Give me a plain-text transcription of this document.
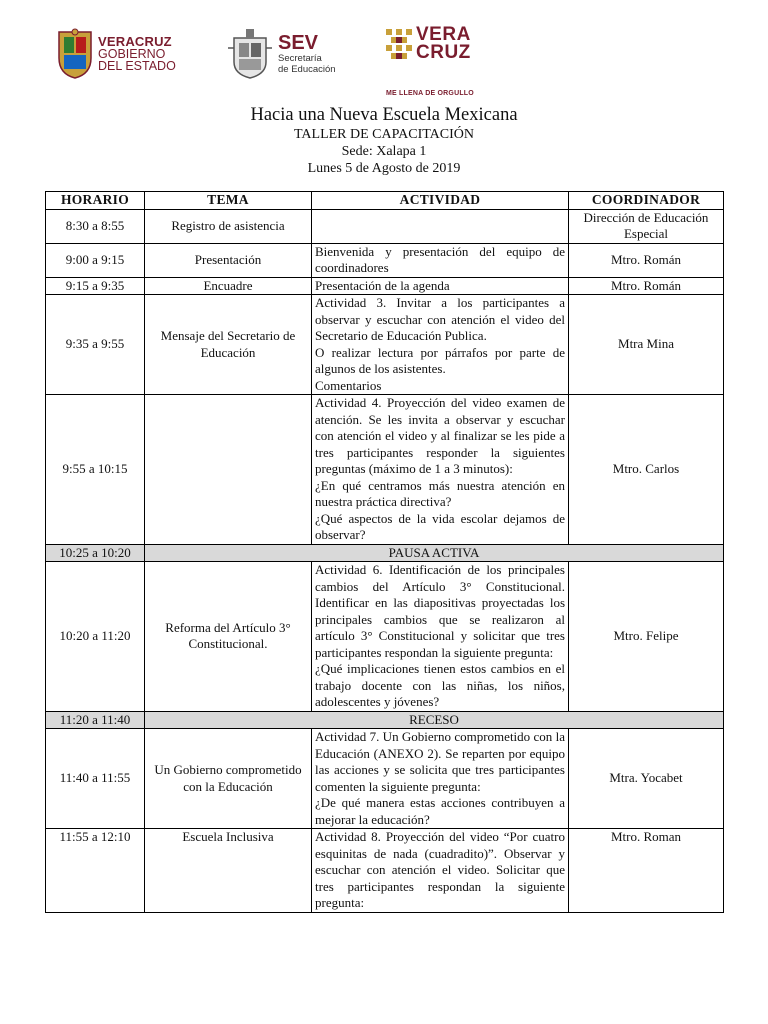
VERACRUZ
GOBIERNO
DEL ESTADO
SEV
Secretaría
de Educación
VERA
CRUZ
ME LLENA DE ORGULLO
Hacia una Nueva Escuela Mexicana
TALLER DE CAPACITACIÓN
Sede: Xalapa 1
Lunes 5 de Agosto de 2019
HORARIO	TEMA	ACTIVIDAD	COORDINADOR
8:30 a 8:55	Registro de asistencia		Dirección de Educación Especial
9:00 a 9:15	Presentación	Bienvenida y presentación del equipo de coordinadores	Mtro. Román
9:15 a 9:35	Encuadre	Presentación de la agenda	Mtro. Román
9:35 a 9:55	Mensaje del Secretario de Educación	Actividad 3. Invitar a los participantes a observar y escuchar con atención el video del Secretario de Educación Publica.
O realizar lectura por párrafos por parte de algunos de los asistentes.
Comentarios	Mtra Mina
9:55 a 10:15		Actividad 4. Proyección del video examen de atención. Se les invita a observar y escuchar con atención el video y al finalizar se les pide a tres participantes responder la siguientes preguntas (máximo de 1 a 3 minutos):
¿En qué centramos más nuestra atención en nuestra práctica directiva?
¿Qué aspectos de la vida escolar dejamos de observar?	Mtro. Carlos
10:25 a 10:20	PAUSA ACTIVA		
10:20 a 11:20	Reforma del Artículo 3° Constitucional.	Actividad 6. Identificación de los principales cambios del Artículo 3° Constitucional. Identificar en las diapositivas proyectadas los principales cambios que se realizaron al artículo 3° Constitucional y solicitar que tres participantes respondan la siguiente pregunta:
¿Qué implicaciones tienen estos cambios en el trabajo docente con las niñas, los niños, adolescentes y jóvenes?	Mtro. Felipe
11:20 a 11:40	RECESO		
11:40 a 11:55	Un Gobierno comprometido con la Educación	Actividad 7. Un Gobierno comprometido con la Educación (ANEXO 2). Se reparten por equipo las acciones y se solicita que tres participantes comenten la siguiente pregunta:
¿De qué manera estas acciones contribuyen a mejorar la educación?	Mtra. Yocabet
11:55 a 12:10	Escuela Inclusiva	Actividad 8. Proyección del video “Por cuatro esquinitas de nada (cuadradito)”. Observar y escuchar con atención el video. Solicitar que tres participantes respondan la siguiente pregunta:	Mtro. Roman
